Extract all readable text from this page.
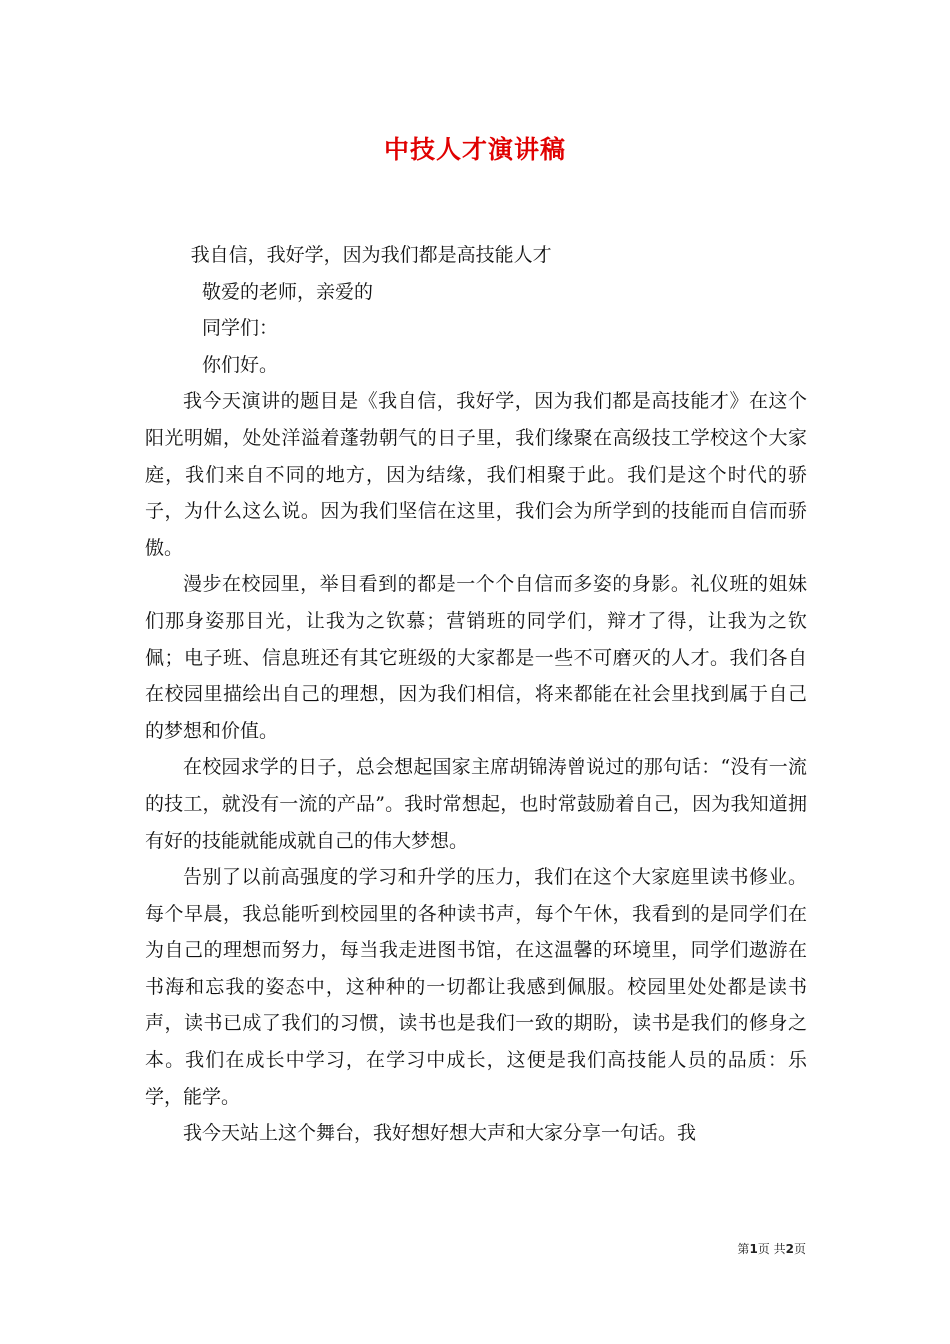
中技人才演讲稿

我自信，我好学，因为我们都是高技能人才

敬爱的老师，亲爱的

同学们：

你们好。

我今天演讲的题目是《我自信，我好学，因为我们都是高技能才》在这个阳光明媚，处处洋溢着蓬勃朝气的日子里，我们缘聚在高级技工学校这个大家庭，我们来自不同的地方，因为结缘，我们相聚于此。我们是这个时代的骄子，为什么这么说。因为我们坚信在这里，我们会为所学到的技能而自信而骄傲。

漫步在校园里，举目看到的都是一个个自信而多姿的身影。礼仪班的姐妹们那身姿那目光，让我为之钦慕；营销班的同学们，辩才了得，让我为之钦佩；电子班、信息班还有其它班级的大家都是一些不可磨灭的人才。我们各自在校园里描绘出自己的理想，因为我们相信，将来都能在社会里找到属于自己的梦想和价值。

在校园求学的日子，总会想起国家主席胡锦涛曾说过的那句话：“没有一流的技工，就没有一流的产品”。我时常想起，也时常鼓励着自己，因为我知道拥有好的技能就能成就自己的伟大梦想。

告别了以前高强度的学习和升学的压力，我们在这个大家庭里读书修业。每个早晨，我总能听到校园里的各种读书声，每个午休，我看到的是同学们在为自己的理想而努力，每当我走进图书馆，在这温馨的环境里，同学们遨游在书海和忘我的姿态中，这种种的一切都让我感到佩服。校园里处处都是读书声，读书已成了我们的习惯，读书也是我们一致的期盼，读书是我们的修身之本。我们在成长中学习，在学习中成长，这便是我们高技能人员的品质：乐学，能学。

我今天站上这个舞台，我好想好想大声和大家分享一句话。我

第1页 共2页
